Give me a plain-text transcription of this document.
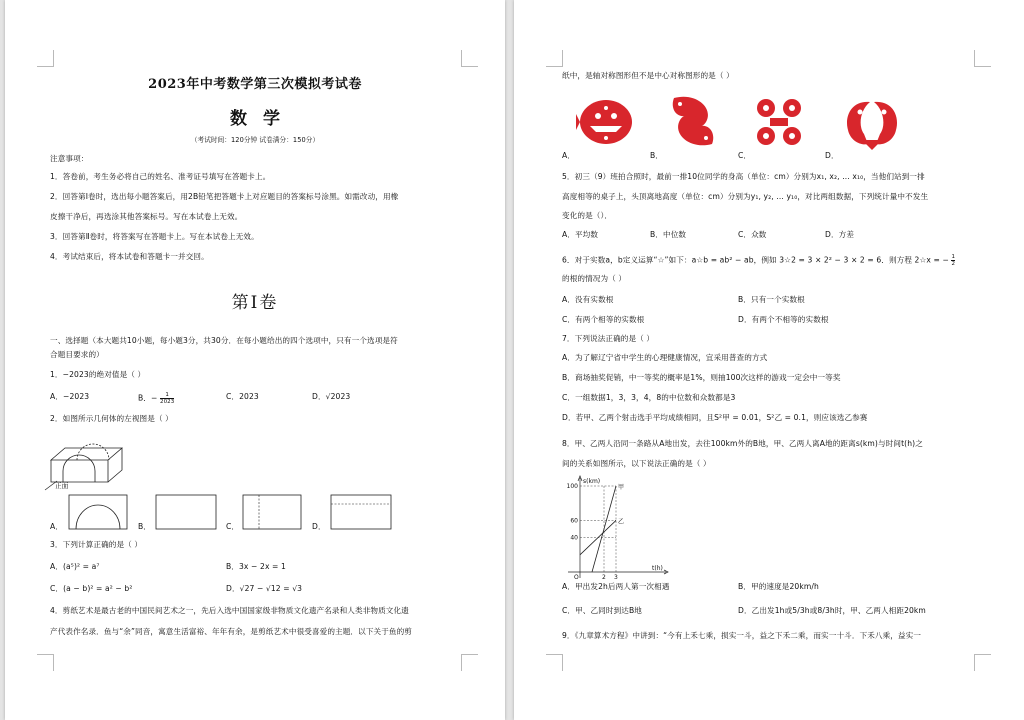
2023年中考数学第三次模拟考试卷
数学
（考试时间：120分钟 试卷满分：150分）
注意事项：
1．答卷前，考生务必将自己的姓名、准考证号填写在答题卡上。
2．回答第Ⅰ卷时，选出每小题答案后，用2B铅笔把答题卡上对应题目的答案标号涂黑。如需改动，用橡
皮擦干净后，再选涂其他答案标号。写在本试卷上无效。
3．回答第Ⅱ卷时，将答案写在答题卡上。写在本试卷上无效。
4．考试结束后，将本试卷和答题卡一并交回。
第Ⅰ卷
一、选择题（本大题共10小题，每小题3分，共30分．在每小题给出的四个选项中，只有一个选项是符
合题目要求的）
1．−2023的绝对值是（ ）
A．−2023	B．− $\frac{1}{2023}$	C．2023	D．√2023
2．如图所示几何体的左视图是（ ）
正面
A．	B．	C．	D．
3．下列计算正确的是（ ）
A．(a⁵)² = a⁷	B．3x − 2x = 1
C．(a − b)² = a² − b²	D．√27 − √12 = √3
4．剪纸艺术是最古老的中国民间艺术之一，先后入选中国国家级非物质文化遗产名录和人类非物质文化遗
产代表作名录．鱼与“余”同音，寓意生活富裕、年年有余，是剪纸艺术中很受喜爱的主题．以下关于鱼的剪
纸中，是轴对称图形但不是中心对称图形的是（ ）
A．	B．	C．	D．
5．初三（9）班拍合照时，最前一排10位同学的身高（单位：cm）分别为x₁, x₂, … x₁₀，当他们站到一排
高度相等的桌子上，头顶离地高度（单位：cm）分别为y₁, y₂, … y₁₀，对比两组数据，下列统计量中不发生
变化的是（）．
A．平均数	B．中位数	C．众数	D．方差
6．对于实数a，b定义运算“☆”如下：a☆b = ab² − ab，例如 3☆2 = 3 × 2² − 3 × 2 = 6．则方程 2☆x = − $\frac{1}{2}$
的根的情况为（ ）
A．没有实数根	B．只有一个实数根
C．有两个相等的实数根	D．有两个不相等的实数根
7．下列说法正确的是（ ）
A．为了解辽宁省中学生的心理健康情况，宜采用普查的方式
B．商场抽奖促销，中一等奖的概率是1%，则抽100次这样的游戏一定会中一等奖
C．一组数据1，3，3，4，8的中位数和众数都是3
D．若甲、乙两个射击选手平均成绩相同，且S²甲 = 0.01，S²乙 = 0.1，则应该选乙参赛
8．甲、乙两人沿同一条路从A地出发，去往100km外的B地，甲、乙两人离A地的距离s(km)与时间t(h)之
间的关系如图所示，以下说法正确的是（ ）
100
60
40
O	2 3
甲
乙
s(km)
t(h)
A．甲出发2h后两人第一次相遇	B．甲的速度是20km/h
C．甲、乙同时到达B地	D．乙出发1h或5/3h或8/3h时，甲、乙两人相距20km
9．《九章算术方程》中讲到：“今有上禾七乘，损实一斗，益之下禾二乘，而实一十斗．下禾八乘，益实一
